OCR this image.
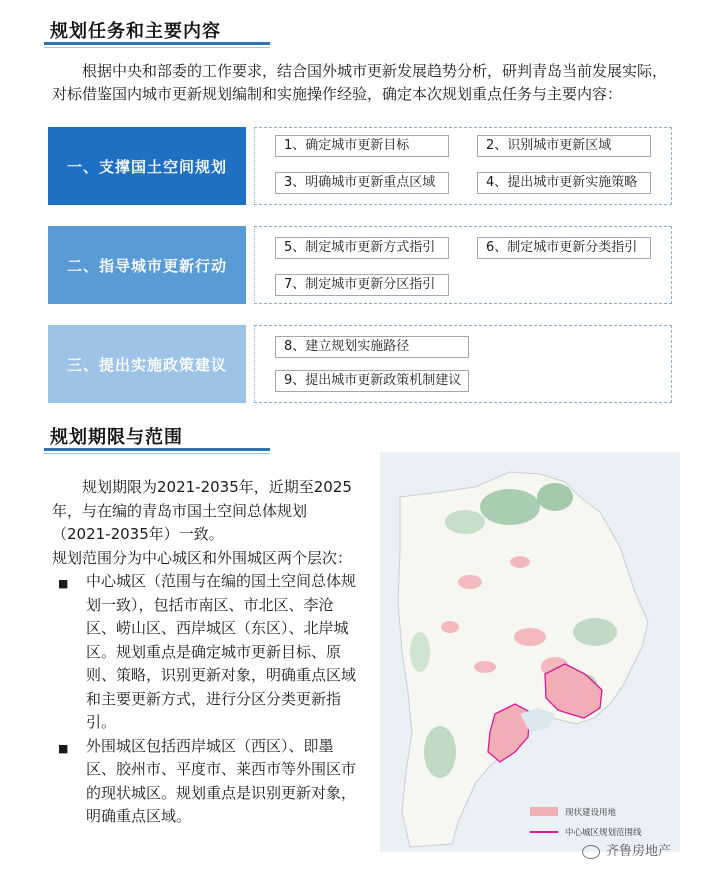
规划任务和主要内容
根据中央和部委的工作要求，结合国外城市更新发展趋势分析，研判青岛当前发展实际，对标借鉴国内城市更新规划编制和实施操作经验，确定本次规划重点任务与主要内容：
一、支撑国土空间规划
1、确定城市更新目标	2、识别城市更新区域
3、明确城市更新重点区域	4、提出城市更新实施策略
二、指导城市更新行动
5、制定城市更新方式指引	6、制定城市更新分类指引
7、制定城市更新分区指引
三、提出实施政策建议
8、建立规划实施路径
9、提出城市更新政策机制建议
规划期限与范围

规划期限为2021-2035年，近期至2025年，与在编的青岛市国土空间总体规划（2021-2035年）一致。

规划范围分为中心城区和外围城区两个层次：

■	中心城区（范围与在编的国土空间总体规划一致），包括市南区、市北区、李沧区、崂山区、西岸城区（东区）、北岸城区。规划重点是确定城市更新目标、原则、策略，识别更新对象，明确重点区域和主要更新方式，进行分区分类更新指引。
■	外围城区包括西岸城区（西区）、即墨区、胶州市、平度市、莱西市等外围区市的现状城区。规划重点是识别更新对象，明确重点区域。	现状建设用地
中心城区规划范围线
齐鲁房地产
